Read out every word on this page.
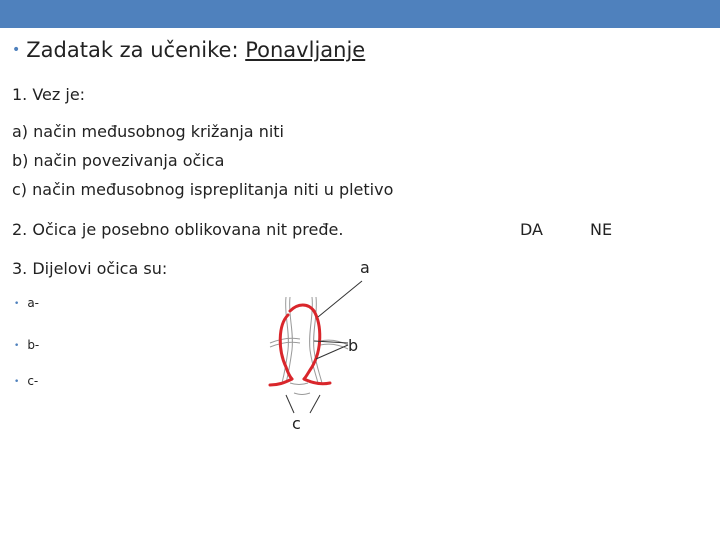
• Zadatak za učenike: Ponavljanje
1. Vez je:
a) način međusobnog križanja niti
b) način povezivanja očica
c) način međusobnog ispreplitanja niti u pletivo
2. Očica je posebno oblikovana nit pređe.	DA	NE
3. Dijelovi očica su:
• a-
• b-
• c-
a
b
c
